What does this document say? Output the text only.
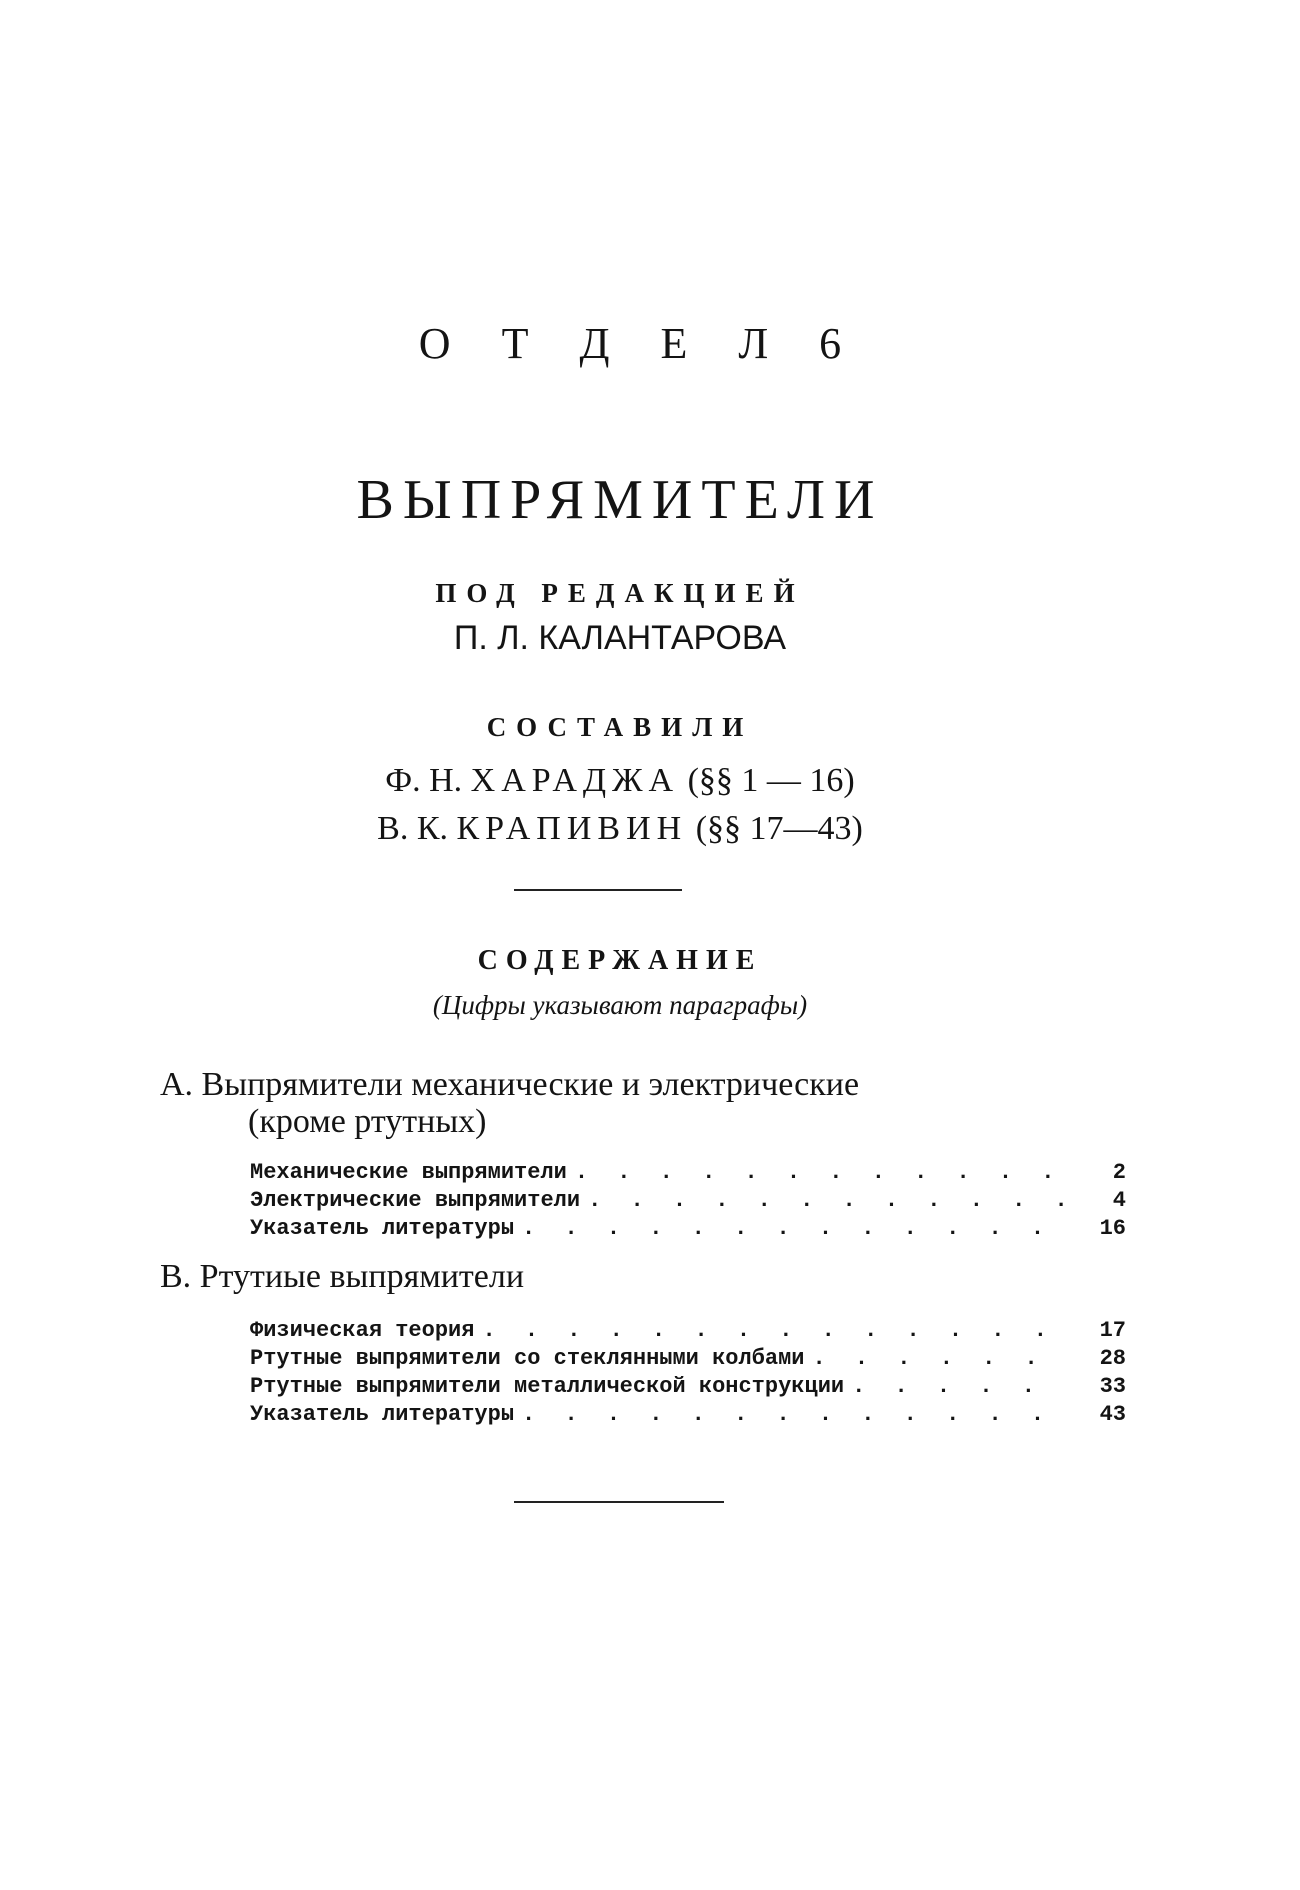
О Т Д Е Л 6
ВЫПРЯМИТЕЛИ
ПОД РЕДАКЦИЕЙ
П. Л. КАЛАНТАРОВА
СОСТАВИЛИ
Ф. Н. ХАРАДЖА (§§ 1 — 16)
В. К. КРАПИВИН (§§ 17—43)
СОДЕРЖАНИЕ
(Цифры указывают параграфы)
А. Выпрямители механические и электрические
(кроме ртутных)
Механические выпрямители . . .	2
Электрические выпрямители . . .	4
Указатель литературы . . .	16
В. Ртутиые выпрямители
Физическая теория . . .	17
Ртутные выпрямители со стеклянными колбами . . .	28
Ртутные выпрямители металлической конструкции . . .	33
Указатель литературы . . .	43
